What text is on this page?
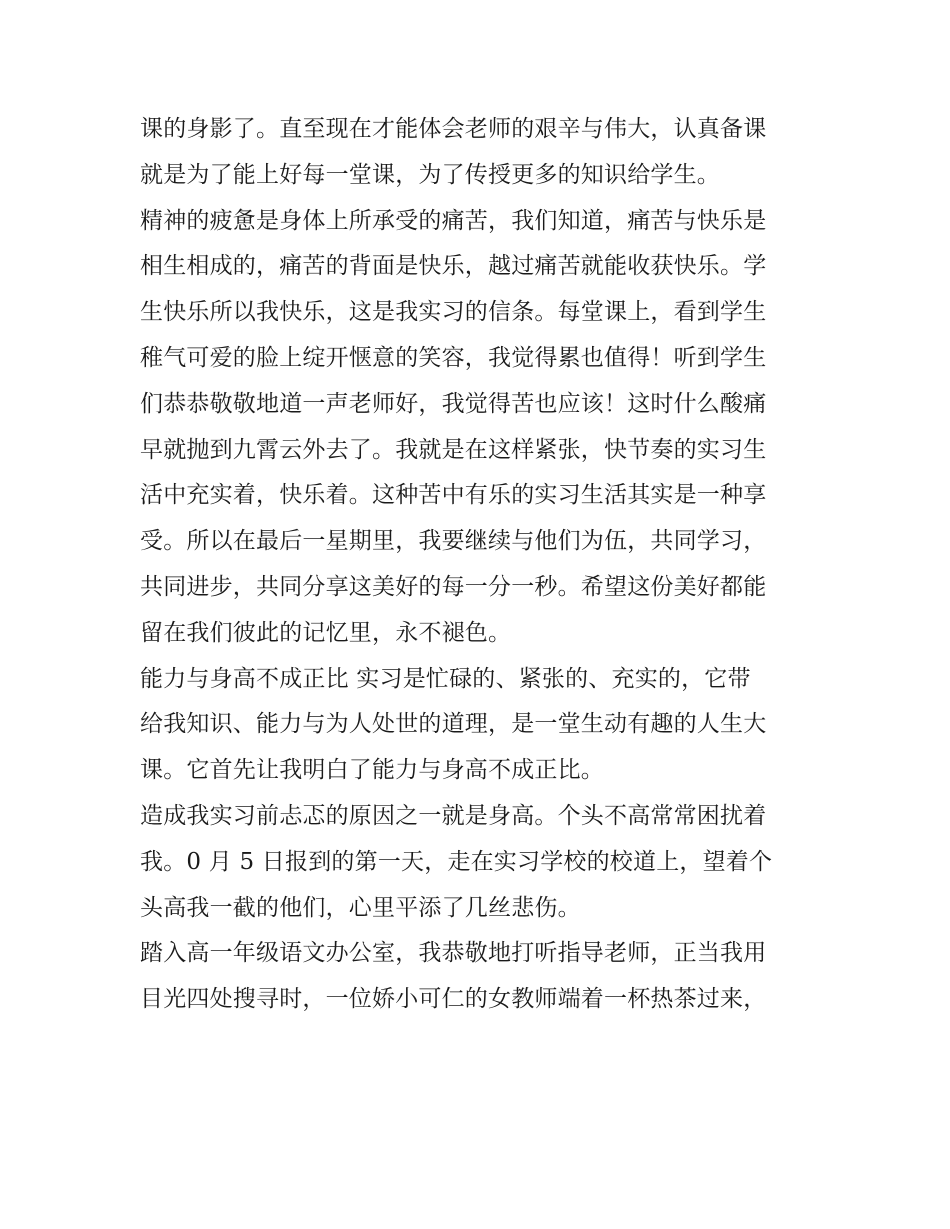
课的身影了。直至现在才能体会老师的艰辛与伟大，认真备课
就是为了能上好每一堂课，为了传授更多的知识给学生。
精神的疲惫是身体上所承受的痛苦，我们知道，痛苦与快乐是
相生相成的，痛苦的背面是快乐，越过痛苦就能收获快乐。学
生快乐所以我快乐，这是我实习的信条。每堂课上，看到学生
稚气可爱的脸上绽开惬意的笑容，我觉得累也值得！听到学生
们恭恭敬敬地道一声老师好，我觉得苦也应该！这时什么酸痛
早就抛到九霄云外去了。我就是在这样紧张，快节奏的实习生
活中充实着，快乐着。这种苦中有乐的实习生活其实是一种享
受。所以在最后一星期里，我要继续与他们为伍，共同学习，
共同进步，共同分享这美好的每一分一秒。希望这份美好都能
留在我们彼此的记忆里，永不褪色。
能力与身高不成正比 实习是忙碌的、紧张的、充实的，它带
给我知识、能力与为人处世的道理，是一堂生动有趣的人生大
课。它首先让我明白了能力与身高不成正比。
造成我实习前忐忑的原因之一就是身高。个头不高常常困扰着
我。0 月 5 日报到的第一天，走在实习学校的校道上，望着个
头高我一截的他们，心里平添了几丝悲伤。
踏入高一年级语文办公室，我恭敬地打听指导老师，正当我用
目光四处搜寻时，一位娇小可仁的女教师端着一杯热茶过来，
